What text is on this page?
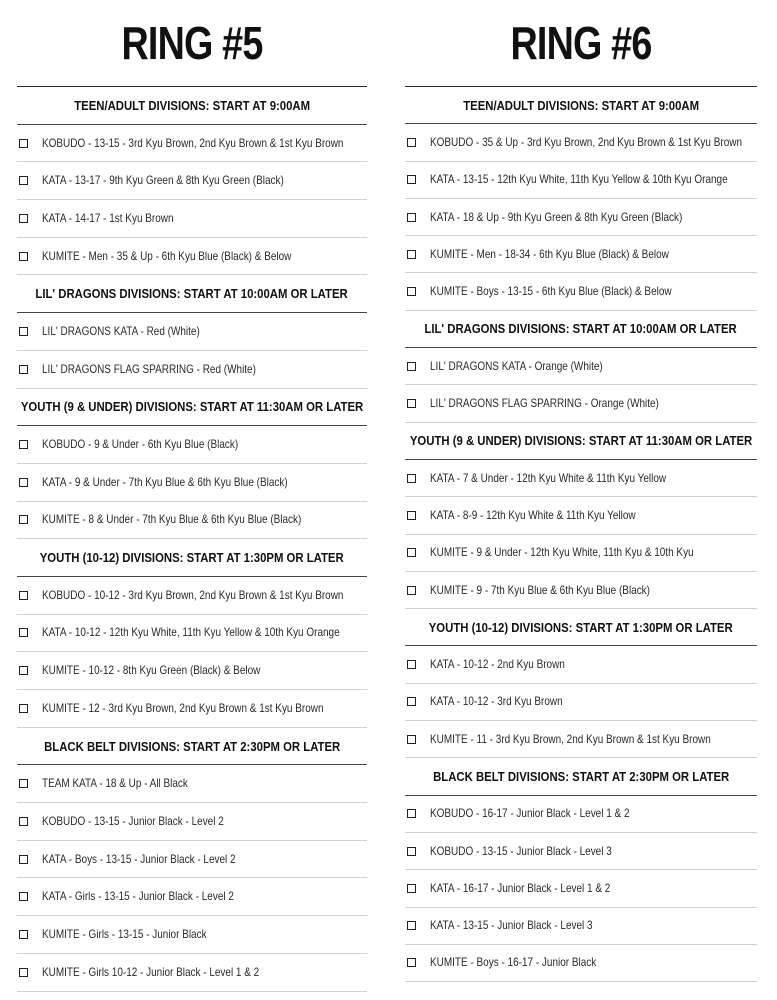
RING #5
TEEN/ADULT DIVISIONS: START AT 9:00AM
KOBUDO - 13-15 - 3rd Kyu Brown, 2nd Kyu Brown & 1st Kyu Brown
KATA - 13-17 - 9th Kyu Green & 8th Kyu Green (Black)
KATA - 14-17 - 1st Kyu Brown
KUMITE - Men - 35 & Up - 6th Kyu Blue (Black) & Below
LIL' DRAGONS DIVISIONS: START AT 10:00AM OR LATER
LIL' DRAGONS KATA - Red (White)
LIL' DRAGONS FLAG SPARRING - Red (White)
YOUTH (9 & UNDER) DIVISIONS: START AT 11:30AM OR LATER
KOBUDO - 9 & Under - 6th Kyu Blue (Black)
KATA - 9 & Under - 7th Kyu Blue & 6th Kyu Blue (Black)
KUMITE - 8 & Under - 7th Kyu Blue & 6th Kyu Blue (Black)
YOUTH (10-12) DIVISIONS: START AT 1:30PM OR LATER
KOBUDO - 10-12 - 3rd Kyu Brown, 2nd Kyu Brown & 1st Kyu Brown
KATA - 10-12 - 12th Kyu White, 11th Kyu Yellow & 10th Kyu Orange
KUMITE - 10-12 - 8th Kyu Green (Black) & Below
KUMITE - 12 - 3rd Kyu Brown, 2nd Kyu Brown & 1st Kyu Brown
BLACK BELT DIVISIONS: START AT 2:30PM OR LATER
TEAM KATA - 18 & Up - All Black
KOBUDO - 13-15 - Junior Black - Level 2
KATA - Boys - 13-15 - Junior Black - Level 2
KATA - Girls - 13-15 - Junior Black - Level 2
KUMITE - Girls - 13-15 - Junior Black
KUMITE - Girls 10-12 - Junior Black - Level 1 & 2
RING #6
TEEN/ADULT DIVISIONS: START AT 9:00AM
KOBUDO - 35 & Up - 3rd Kyu Brown, 2nd Kyu Brown & 1st Kyu Brown
KATA - 13-15 - 12th Kyu White, 11th Kyu Yellow & 10th Kyu Orange
KATA - 18 & Up - 9th Kyu Green & 8th Kyu Green (Black)
KUMITE - Men - 18-34 - 6th Kyu Blue (Black) & Below
KUMITE - Boys - 13-15 - 6th Kyu Blue (Black) & Below
LIL' DRAGONS DIVISIONS: START AT 10:00AM OR LATER
LIL' DRAGONS KATA - Orange (White)
LIL' DRAGONS FLAG SPARRING - Orange (White)
YOUTH (9 & UNDER) DIVISIONS: START AT 11:30AM OR LATER
KATA - 7 & Under - 12th Kyu White & 11th Kyu Yellow
KATA - 8-9 - 12th Kyu White & 11th Kyu Yellow
KUMITE - 9 & Under - 12th Kyu White, 11th Kyu & 10th Kyu
KUMITE - 9 - 7th Kyu Blue & 6th Kyu Blue (Black)
YOUTH (10-12) DIVISIONS: START AT 1:30PM OR LATER
KATA - 10-12 - 2nd Kyu Brown
KATA - 10-12 - 3rd Kyu Brown
KUMITE - 11 - 3rd Kyu Brown, 2nd Kyu Brown & 1st Kyu Brown
BLACK BELT DIVISIONS: START AT 2:30PM OR LATER
KOBUDO - 16-17 - Junior Black - Level 1 & 2
KOBUDO - 13-15 - Junior Black - Level 3
KATA - 16-17 - Junior Black - Level 1 & 2
KATA - 13-15 - Junior Black - Level 3
KUMITE - Boys - 16-17 - Junior Black
